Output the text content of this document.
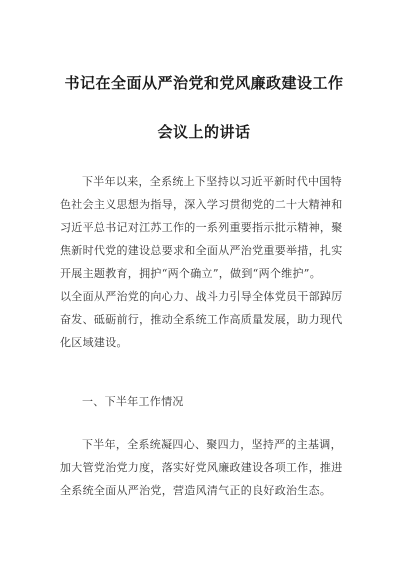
书记在全面从严治党和党风廉政建设工作
会议上的讲话
下半年以来，全系统上下坚持以习近平新时代中国特
色社会主义思想为指导，深入学习贯彻党的二十大精神和
习近平总书记对江苏工作的一系列重要指示批示精神，聚
焦新时代党的建设总要求和全面从严治党重要举措，扎实
开展主题教育，拥护“两个确立”，做到“两个维护”。
以全面从严治党的向心力、战斗力引导全体党员干部踔厉
奋发、砥砺前行，推动全系统工作高质量发展，助力现代
化区域建设。
一、下半年工作情况
下半年，全系统凝四心、聚四力，坚持严的主基调，
加大管党治党力度，落实好党风廉政建设各项工作，推进
全系统全面从严治党，营造风清气正的良好政治生态。
